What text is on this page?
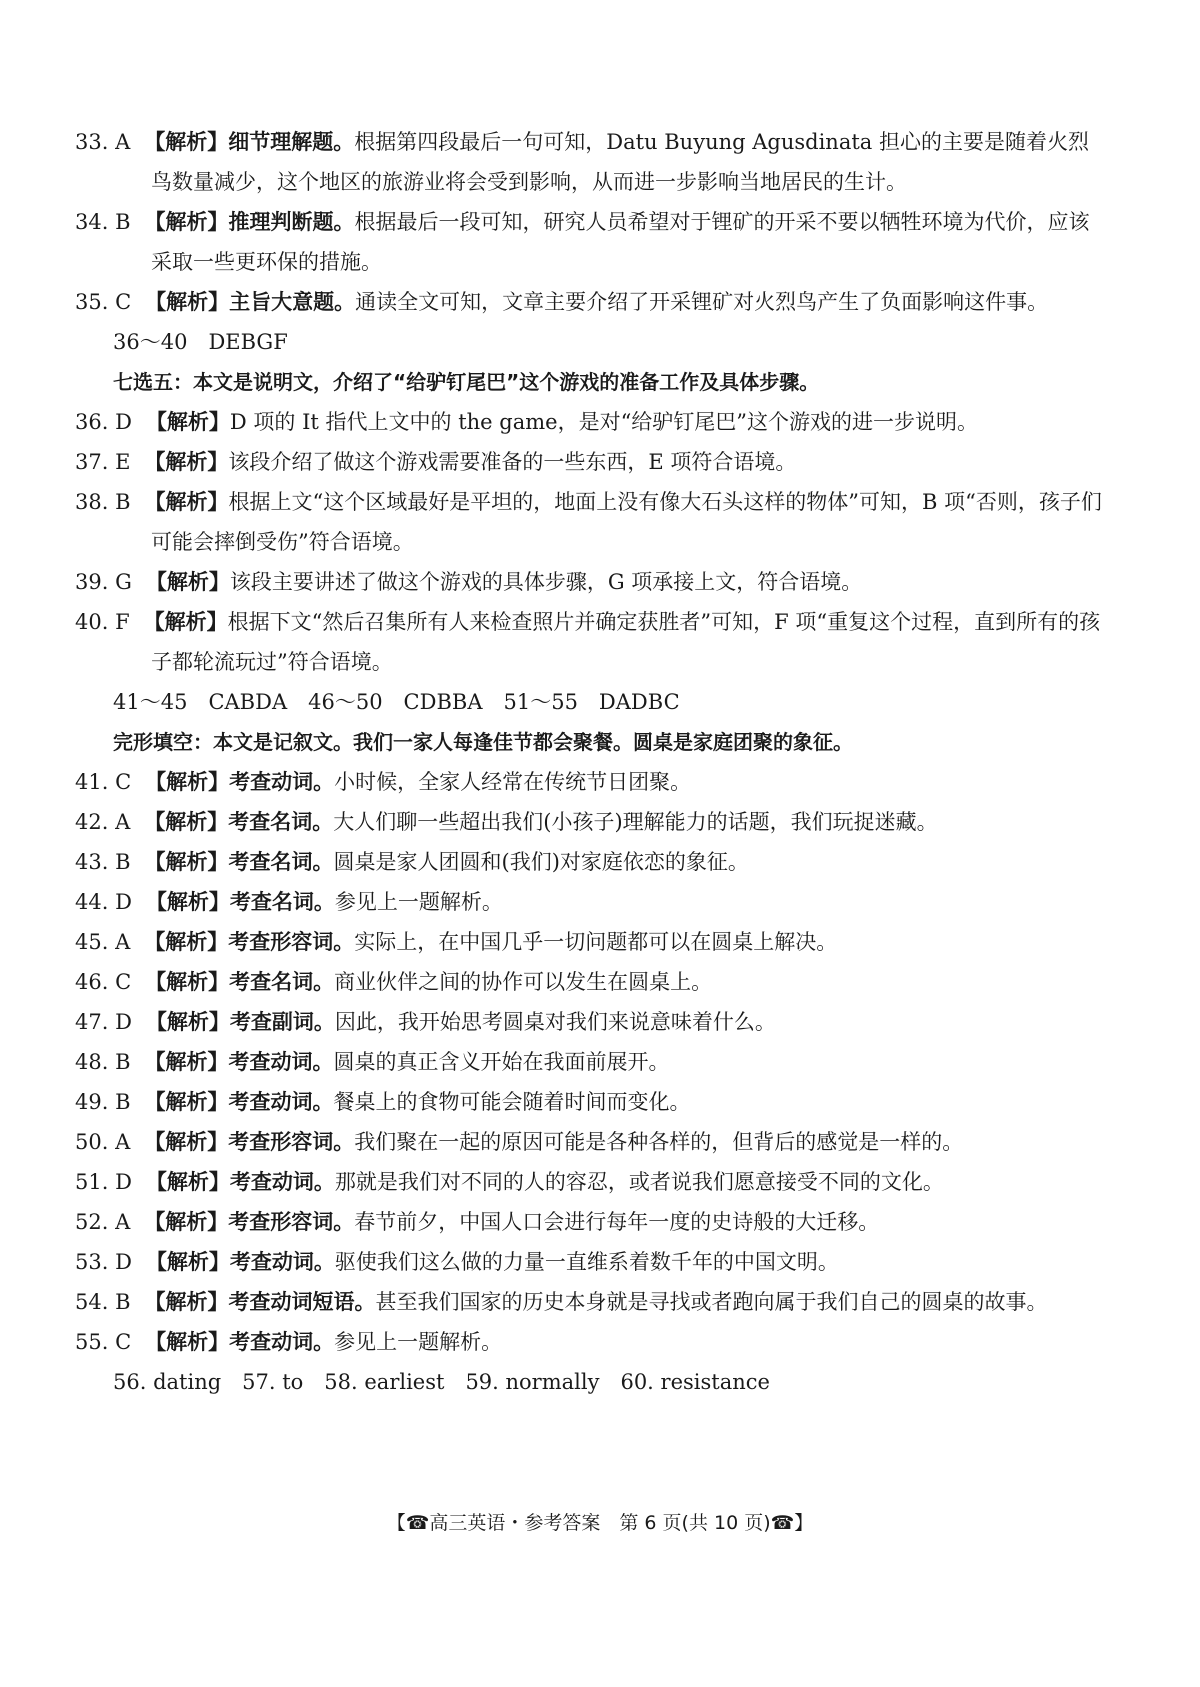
33. A 【解析】细节理解题。根据第四段最后一句可知，Datu Buyung Agusdinata 担心的主要是随着火烈鸟数量减少，这个地区的旅游业将会受到影响，从而进一步影响当地居民的生计。

34. B 【解析】推理判断题。根据最后一段可知，研究人员希望对于锂矿的开采不要以牺牲环境为代价，应该采取一些更环保的措施。

35. C 【解析】主旨大意题。通读全文可知，文章主要介绍了开采锂矿对火烈鸟产生了负面影响这件事。

36～40　DEBGF

七选五：本文是说明文，介绍了“给驴钉尾巴”这个游戏的准备工作及具体步骤。

36. D 【解析】D 项的 It 指代上文中的 the game，是对“给驴钉尾巴”这个游戏的进一步说明。

37. E 【解析】该段介绍了做这个游戏需要准备的一些东西，E 项符合语境。

38. B 【解析】根据上文“这个区域最好是平坦的，地面上没有像大石头这样的物体”可知，B 项“否则，孩子们可能会摔倒受伤”符合语境。

39. G 【解析】该段主要讲述了做这个游戏的具体步骤，G 项承接上文，符合语境。

40. F 【解析】根据下文“然后召集所有人来检查照片并确定获胜者”可知，F 项“重复这个过程，直到所有的孩子都轮流玩过”符合语境。

41～45　CABDA　46～50　CDBBA　51～55　DADBC

完形填空：本文是记叙文。我们一家人每逢佳节都会聚餐。圆桌是家庭团聚的象征。

41. C 【解析】考查动词。小时候，全家人经常在传统节日团聚。

42. A 【解析】考查名词。大人们聊一些超出我们(小孩子)理解能力的话题，我们玩捉迷藏。

43. B 【解析】考查名词。圆桌是家人团圆和(我们)对家庭依恋的象征。

44. D 【解析】考查名词。参见上一题解析。

45. A 【解析】考查形容词。实际上，在中国几乎一切问题都可以在圆桌上解决。

46. C 【解析】考查名词。商业伙伴之间的协作可以发生在圆桌上。

47. D 【解析】考查副词。因此，我开始思考圆桌对我们来说意味着什么。

48. B 【解析】考查动词。圆桌的真正含义开始在我面前展开。

49. B 【解析】考查动词。餐桌上的食物可能会随着时间而变化。

50. A 【解析】考查形容词。我们聚在一起的原因可能是各种各样的，但背后的感觉是一样的。

51. D 【解析】考查动词。那就是我们对不同的人的容忍，或者说我们愿意接受不同的文化。

52. A 【解析】考查形容词。春节前夕，中国人口会进行每年一度的史诗般的大迁移。

53. D 【解析】考查动词。驱使我们这么做的力量一直维系着数千年的中国文明。

54. B 【解析】考查动词短语。甚至我们国家的历史本身就是寻找或者跑向属于我们自己的圆桌的故事。

55. C 【解析】考查动词。参见上一题解析。

56. dating　57. to　58. earliest　59. normally　60. resistance

【☎高三英语・参考答案　第 6 页(共 10 页)☎】
